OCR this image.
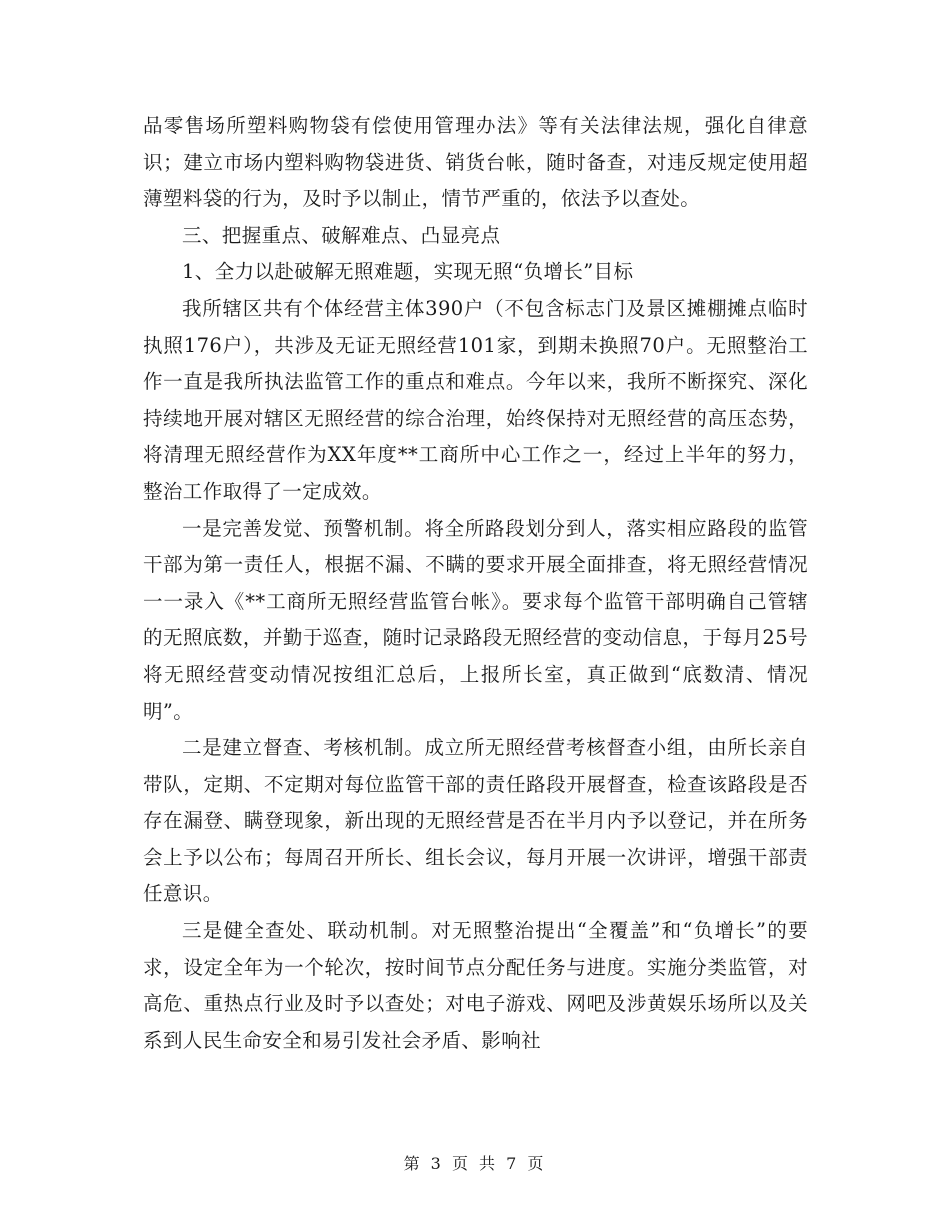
品零售场所塑料购物袋有偿使用管理办法》等有关法律法规，强化自律意识；建立市场内塑料购物袋进货、销货台帐，随时备查，对违反规定使用超薄塑料袋的行为，及时予以制止，情节严重的，依法予以查处。

三、把握重点、破解难点、凸显亮点

1、全力以赴破解无照难题，实现无照“负增长”目标

我所辖区共有个体经营主体390户（不包含标志门及景区摊棚摊点临时执照176户），共涉及无证无照经营101家，到期未换照70户。无照整治工作一直是我所执法监管工作的重点和难点。今年以来，我所不断探究、深化持续地开展对辖区无照经营的综合治理，始终保持对无照经营的高压态势，将清理无照经营作为XX年度**工商所中心工作之一，经过上半年的努力，整治工作取得了一定成效。

一是完善发觉、预警机制。将全所路段划分到人，落实相应路段的监管干部为第一责任人，根据不漏、不瞒的要求开展全面排查，将无照经营情况一一录入《**工商所无照经营监管台帐》。要求每个监管干部明确自己管辖的无照底数，并勤于巡查，随时记录路段无照经营的变动信息，于每月25号将无照经营变动情况按组汇总后，上报所长室，真正做到“底数清、情况明”。

二是建立督查、考核机制。成立所无照经营考核督查小组，由所长亲自带队，定期、不定期对每位监管干部的责任路段开展督查，检查该路段是否存在漏登、瞒登现象，新出现的无照经营是否在半月内予以登记，并在所务会上予以公布；每周召开所长、组长会议，每月开展一次讲评，增强干部责任意识。

三是健全查处、联动机制。对无照整治提出“全覆盖”和“负增长”的要求，设定全年为一个轮次，按时间节点分配任务与进度。实施分类监管，对高危、重热点行业及时予以查处；对电子游戏、网吧及涉黄娱乐场所以及关系到人民生命安全和易引发社会矛盾、影响社

第 3 页 共 7 页
